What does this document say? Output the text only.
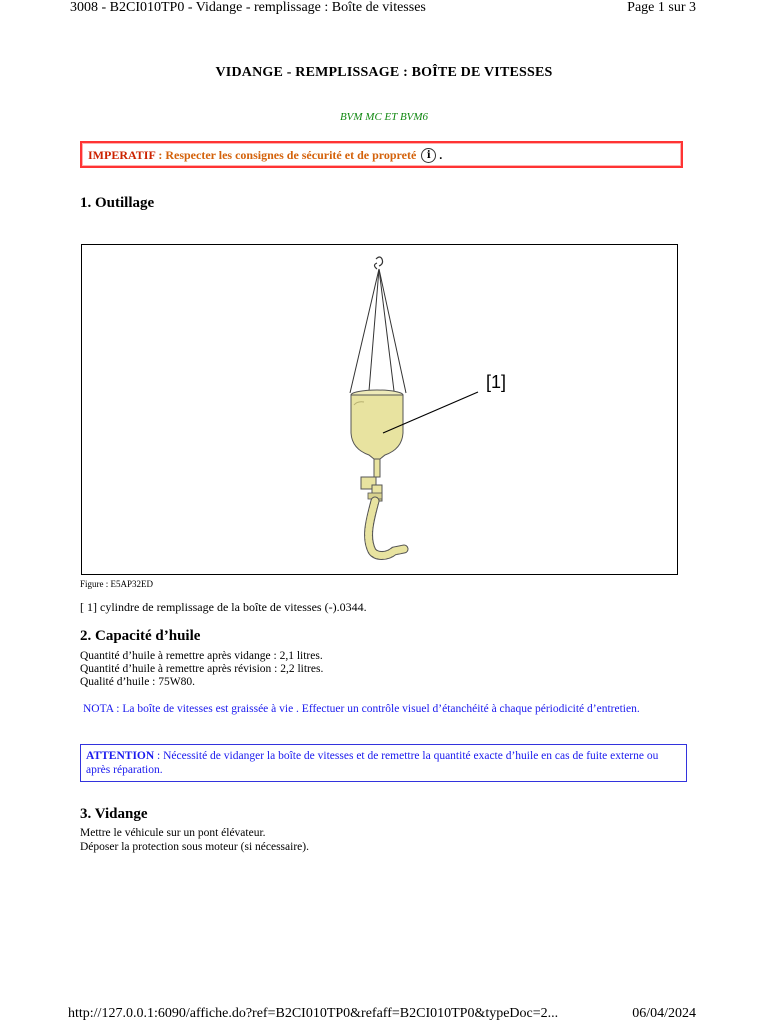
3008 - B2CI010TP0 - Vidange - remplissage : Boîte de vitesses	Page 1 sur 3
VIDANGE - REMPLISSAGE : BOÎTE DE VITESSES
BVM MC ET BVM6
IMPERATIF : Respecter les consignes de sécurité et de propreté i .
1. Outillage
[1]
Figure : E5AP32ED
[ 1] cylindre de remplissage de la boîte de vitesses (-).0344.
2. Capacité d’huile
Quantité d’huile à remettre après vidange : 2,1 litres.
Quantité d’huile à remettre après révision : 2,2 litres.
Qualité d’huile : 75W80.
NOTA : La boîte de vitesses est graissée à vie . Effectuer un contrôle visuel d’étanchéité à chaque périodicité d’entretien.
ATTENTION : Nécessité de vidanger la boîte de vitesses et de remettre la quantité exacte d’huile en cas de fuite externe ou après réparation.
3. Vidange
Mettre le véhicule sur un pont élévateur.
Déposer la protection sous moteur (si nécessaire).
http://127.0.0.1:6090/affiche.do?ref=B2CI010TP0&refaff=B2CI010TP0&typeDoc=2...	06/04/2024
